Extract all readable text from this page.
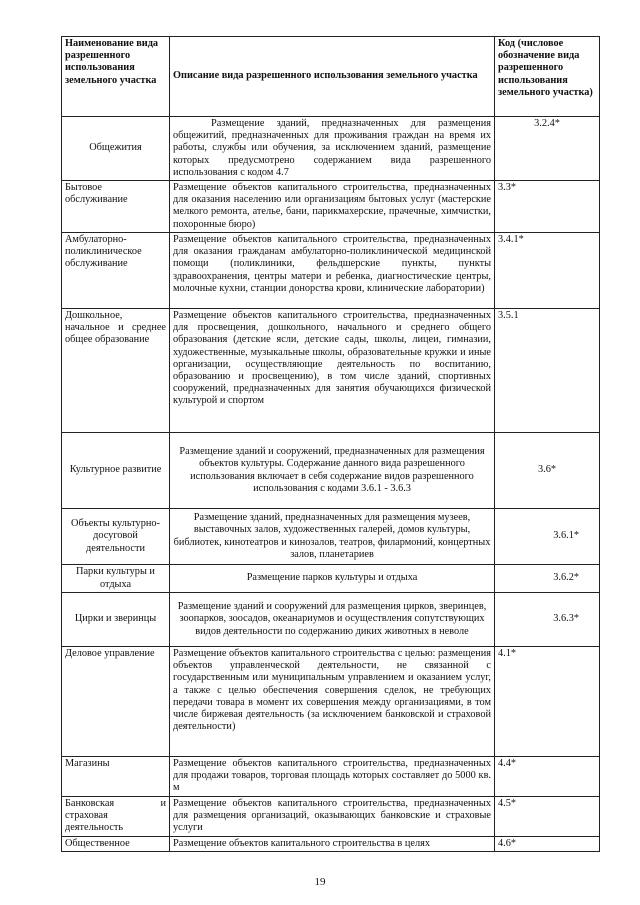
Наименование вида разрешенного использования земельного участка	Описание вида разрешенного использования земельного участка	Код (числовое обозначение вида разрешенного использования земельного участка)
Общежития	Размещение зданий, предназначенных для размещения общежитий, предназначенных для проживания граждан на время их работы, службы или обучения, за исключением зданий, размещение которых предусмотрено содержанием вида разрешенного использования с кодом 4.7	3.2.4*
Бытовое обслуживание	Размещение объектов капитального строительства, предназначенных для оказания населению или организациям бытовых услуг (мастерские мелкого ремонта, ателье, бани, парикмахерские, прачечные, химчистки, похоронные бюро)	3.3*
Амбулаторно-поликлиническое обслуживание	Размещение объектов капитального строительства, предназначенных для оказания гражданам амбулаторно-поликлинической медицинской помощи (поликлиники, фельдшерские пункты, пункты здравоохранения, центры матери и ребенка, диагностические центры, молочные кухни, станции донорства крови, клинические лаборатории)	3.4.1*
Дошкольное, начальное и среднее общее образование	Размещение объектов капитального строительства, предназначенных для просвещения, дошкольного, начального и среднего общего образования (детские ясли, детские сады, школы, лицеи, гимназии, художественные, музыкальные школы, образовательные кружки и иные организации, осуществляющие деятельность по воспитанию, образованию и просвещению), в том числе зданий, спортивных сооружений, предназначенных для занятия обучающихся физической культурой и спортом	3.5.1
Культурное развитие	Размещение зданий и сооружений, предназначенных для размещения объектов культуры. Содержание данного вида разрешенного использования включает в себя содержание видов разрешенного использования с кодами 3.6.1 - 3.6.3	3.6*
Объекты культурно-досуговой деятельности	Размещение зданий, предназначенных для размещения музеев, выставочных залов, художественных галерей, домов культуры, библиотек, кинотеатров и кинозалов, театров, филармоний, концертных залов, планетариев	3.6.1*
Парки культуры и отдыха	Размещение парков культуры и отдыха	3.6.2*
Цирки и зверинцы	Размещение зданий и сооружений для размещения цирков, зверинцев, зоопарков, зоосадов, океанариумов и осуществления сопутствующих видов деятельности по содержанию диких животных в неволе	3.6.3*
Деловое управление	Размещение объектов капитального строительства с целью: размещения объектов управленческой деятельности, не связанной с государственным или муниципальным управлением и оказанием услуг, а также с целью обеспечения совершения сделок, не требующих передачи товара в момент их совершения между организациями, в том числе биржевая деятельность (за исключением банковской и страховой деятельности)	4.1*
Магазины	Размещение объектов капитального строительства, предназначенных для продажи товаров, торговая площадь которых составляет до 5000 кв. м	4.4*
Банковская и страховая деятельность	Размещение объектов капитального строительства, предназначенных для размещения организаций, оказывающих банковские и страховые услуги	4.5*
Общественное	Размещение объектов капитального строительства в целях	4.6*
19
